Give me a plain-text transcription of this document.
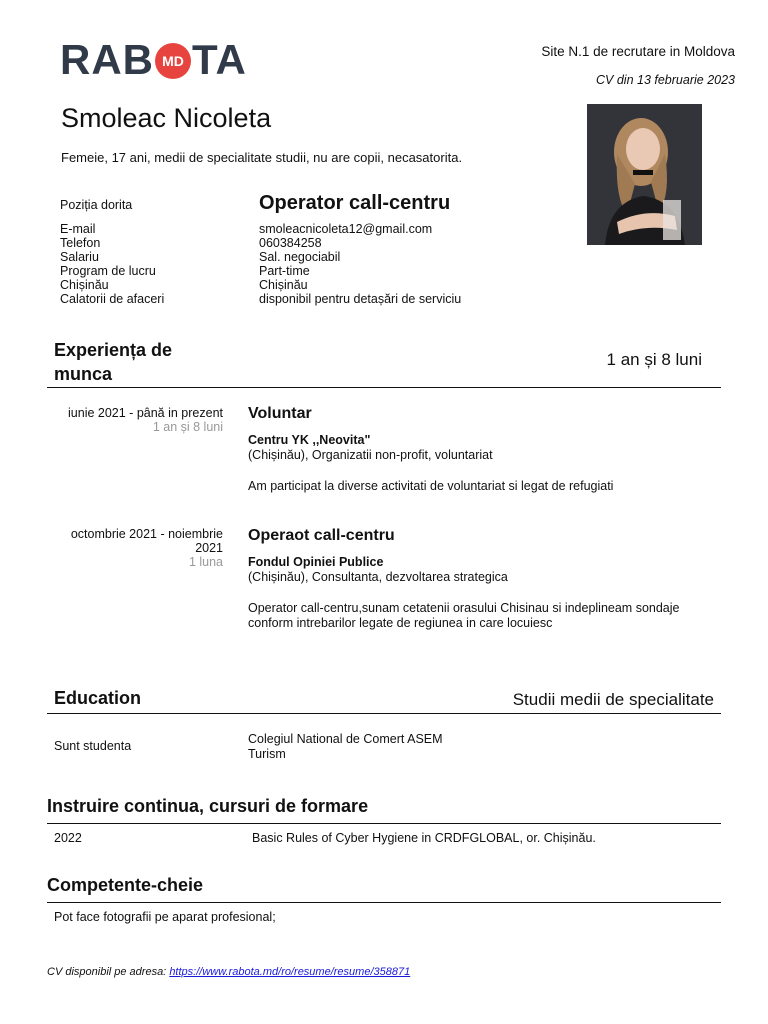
RAB MD TA	Site N.1 de recrutare in Moldova
CV din 13 februarie 2023
Smoleac Nicoleta
Femeie, 17 ani, medii de specialitate studii, nu are copii, necasatorita.
Poziția dorita	Operator call-centru
E-mail	smoleacnicoleta12@gmail.com
Telefon	060384258
Salariu	Sal. negociabil
Program de lucru	Part-time
Chișinău	Chișinău
Calatorii de afaceri	disponibil pentru detașări de serviciu
Experiența de munca
1 an și 8 luni
iunie 2021 - până in prezent
1 an și 8 luni
Voluntar
Centru YK ,,Neovita"
(Chișinău), Organizatii non-profit, voluntariat
Am participat la diverse activitati de voluntariat si legat de refugiati
octombrie 2021 - noiembrie 2021
1 luna
Operaot call-centru
Fondul Opiniei Publice
(Chișinău), Consultanta, dezvoltarea strategica
Operator call-centru,sunam cetatenii orasului Chisinau si indeplineam sondaje conform intrebarilor legate de regiunea in care locuiesc
Education	Studii medii de specialitate
Sunt studenta	Colegiul National de Comert ASEM
Turism
Instruire continua, cursuri de formare
2022	Basic Rules of Cyber Hygiene in CRDFGLOBAL, or. Chișinău.
Competente-cheie
Pot face fotografii pe aparat profesional;
CV disponibil pe adresa: https://www.rabota.md/ro/resume/resume/358871
